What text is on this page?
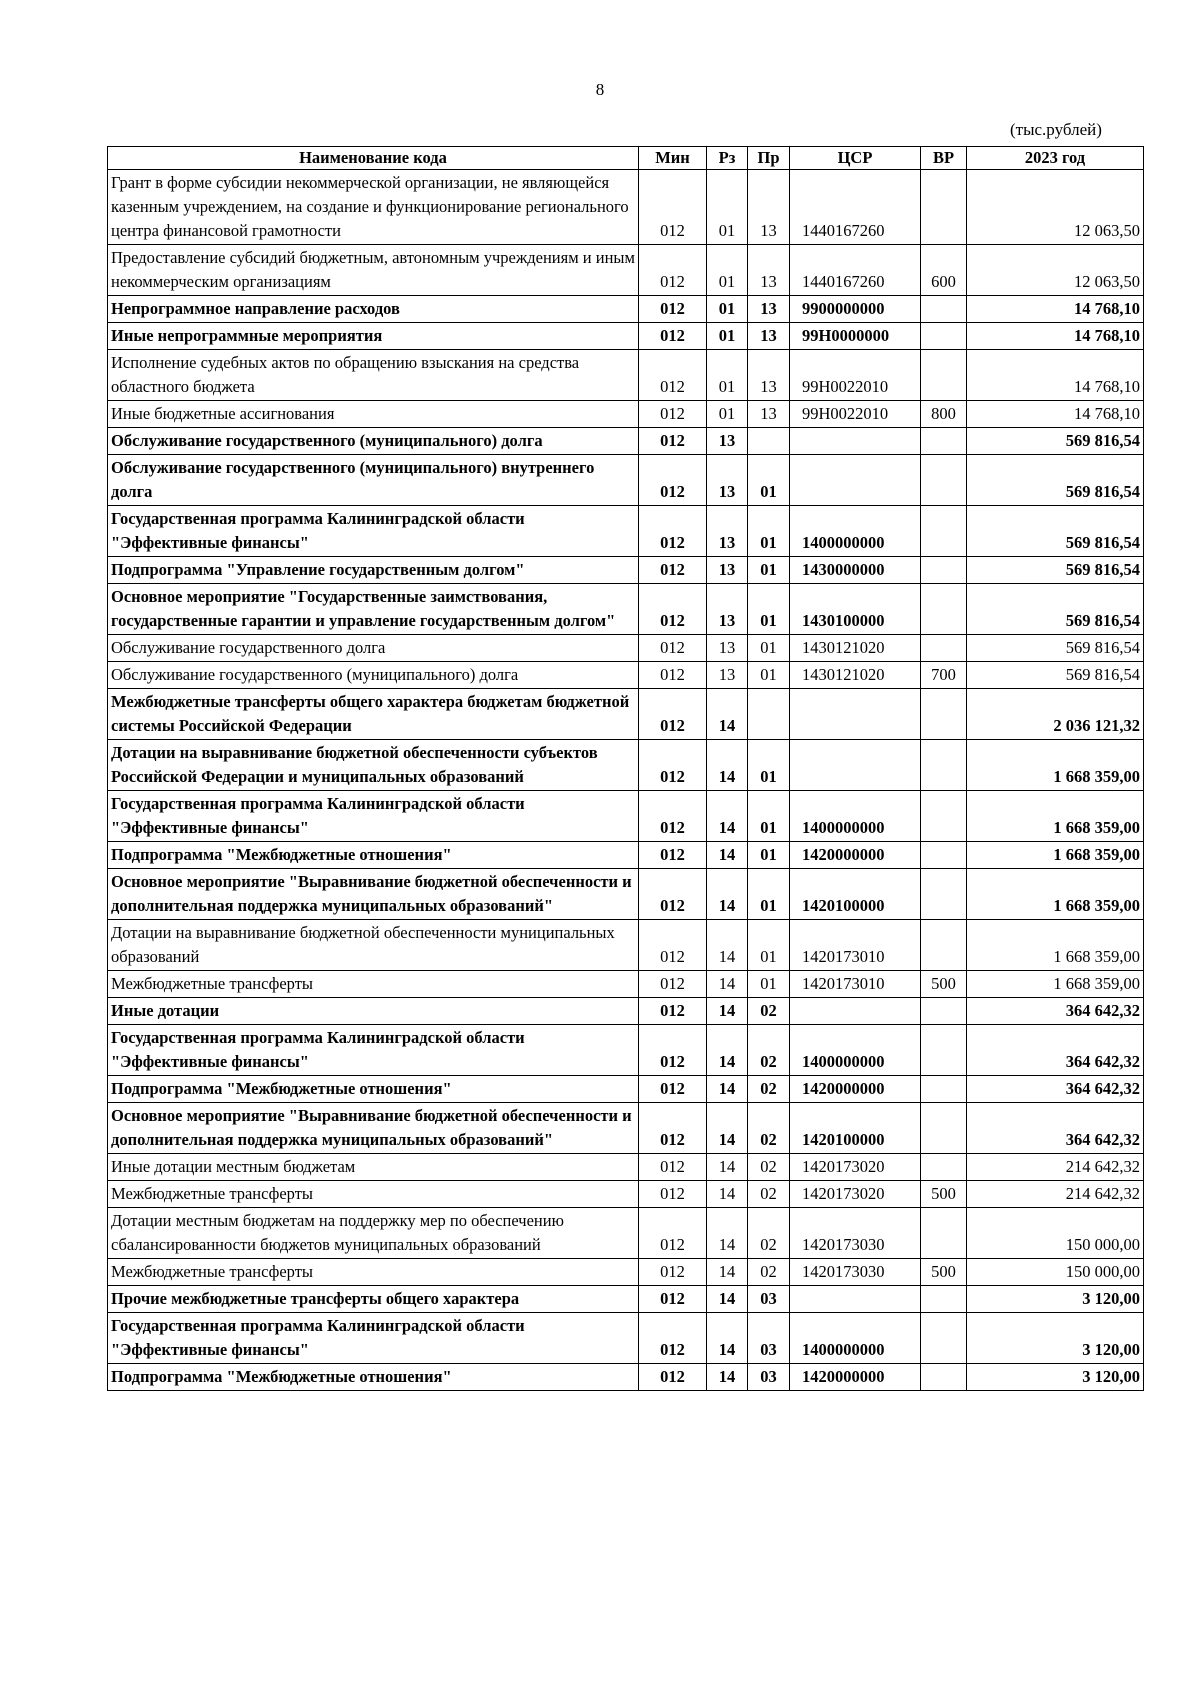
8
(тыс.рублей)
Наименование кода	Мин	Рз	Пр	ЦСР	ВР	2023 год
Грант в форме субсидии некоммерческой организации, не являющейся казенным учреждением, на создание и функционирование регионального центра финансовой грамотности	012	01	13	1440167260		12 063,50
Предоставление субсидий бюджетным, автономным учреждениям и иным некоммерческим организациям	012	01	13	1440167260	600	12 063,50
Непрограммное направление расходов	012	01	13	9900000000		14 768,10
Иные непрограммные мероприятия	012	01	13	99Н0000000		14 768,10
Исполнение судебных актов по обращению взыскания на средства областного бюджета	012	01	13	99Н0022010		14 768,10
Иные бюджетные ассигнования	012	01	13	99Н0022010	800	14 768,10
Обслуживание государственного (муниципального) долга	012	13				569 816,54
Обслуживание государственного (муниципального) внутреннего долга	012	13	01			569 816,54
Государственная программа Калининградской области "Эффективные финансы"	012	13	01	1400000000		569 816,54
Подпрограмма "Управление государственным долгом"	012	13	01	1430000000		569 816,54
Основное мероприятие "Государственные заимствования, государственные гарантии и управление государственным долгом"	012	13	01	1430100000		569 816,54
Обслуживание государственного долга	012	13	01	1430121020		569 816,54
Обслуживание государственного (муниципального) долга	012	13	01	1430121020	700	569 816,54
Межбюджетные трансферты общего характера бюджетам бюджетной системы Российской Федерации	012	14				2 036 121,32
Дотации на выравнивание бюджетной обеспеченности субъектов Российской Федерации и муниципальных образований	012	14	01			1 668 359,00
Государственная программа Калининградской области "Эффективные финансы"	012	14	01	1400000000		1 668 359,00
Подпрограмма "Межбюджетные отношения"	012	14	01	1420000000		1 668 359,00
Основное мероприятие "Выравнивание бюджетной обеспеченности и дополнительная поддержка муниципальных образований"	012	14	01	1420100000		1 668 359,00
Дотации на выравнивание бюджетной обеспеченности муниципальных образований	012	14	01	1420173010		1 668 359,00
Межбюджетные трансферты	012	14	01	1420173010	500	1 668 359,00
Иные дотации	012	14	02			364 642,32
Государственная программа Калининградской области "Эффективные финансы"	012	14	02	1400000000		364 642,32
Подпрограмма "Межбюджетные отношения"	012	14	02	1420000000		364 642,32
Основное мероприятие "Выравнивание бюджетной обеспеченности и дополнительная поддержка муниципальных образований"	012	14	02	1420100000		364 642,32
Иные дотации местным бюджетам	012	14	02	1420173020		214 642,32
Межбюджетные трансферты	012	14	02	1420173020	500	214 642,32
Дотации местным бюджетам на поддержку мер по обеспечению сбалансированности бюджетов муниципальных образований	012	14	02	1420173030		150 000,00
Межбюджетные трансферты	012	14	02	1420173030	500	150 000,00
Прочие межбюджетные трансферты общего характера	012	14	03			3 120,00
Государственная программа Калининградской области "Эффективные финансы"	012	14	03	1400000000		3 120,00
Подпрограмма "Межбюджетные отношения"	012	14	03	1420000000		3 120,00
